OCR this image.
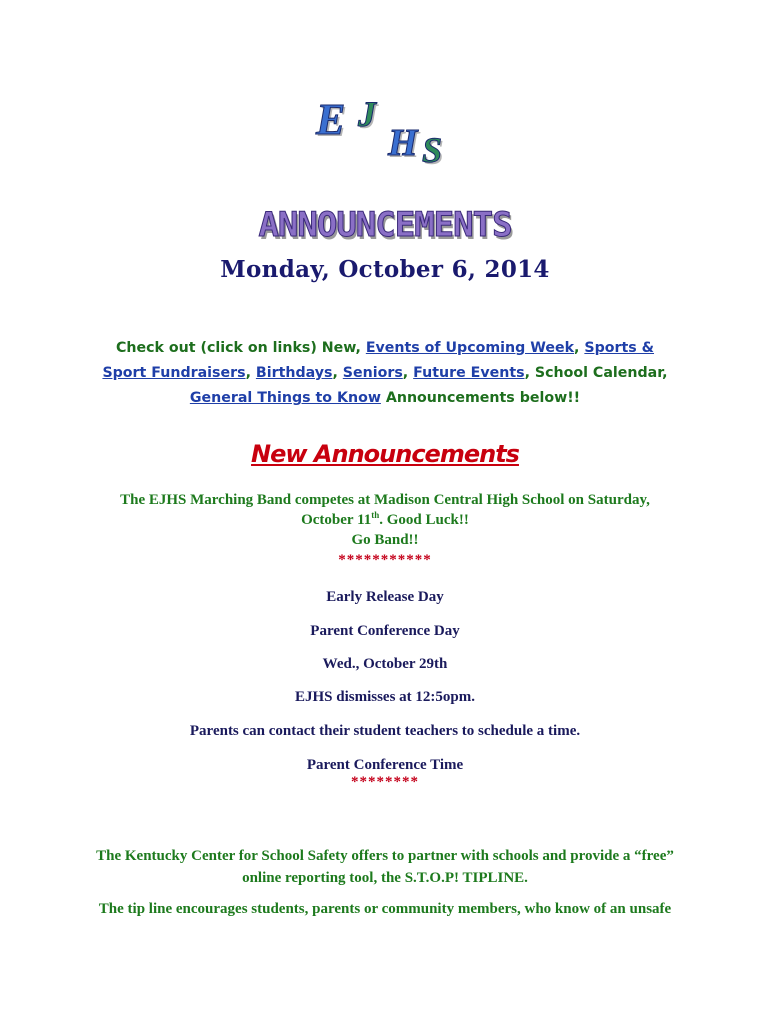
E J
H S
ANNOUNCEMENTS
Monday, October 6, 2014
Check out (click on links) New, Events of Upcoming Week, Sports & Sport Fundraisers, Birthdays, Seniors, Future Events, School Calendar, General Things to Know Announcements below!!
New Announcements
The EJHS Marching Band competes at Madison Central High School on Saturday,
October 11th. Good Luck!!
Go Band!!
***********
Early Release Day
Parent Conference Day
Wed., October 29th
EJHS dismisses at 12:5opm.
Parents can contact their student teachers to schedule a time.
Parent Conference Time
********
The Kentucky Center for School Safety offers to partner with schools and provide a “free”
online reporting tool, the S.T.O.P! TIPLINE.
The tip line encourages students, parents or community members, who know of an unsafe
